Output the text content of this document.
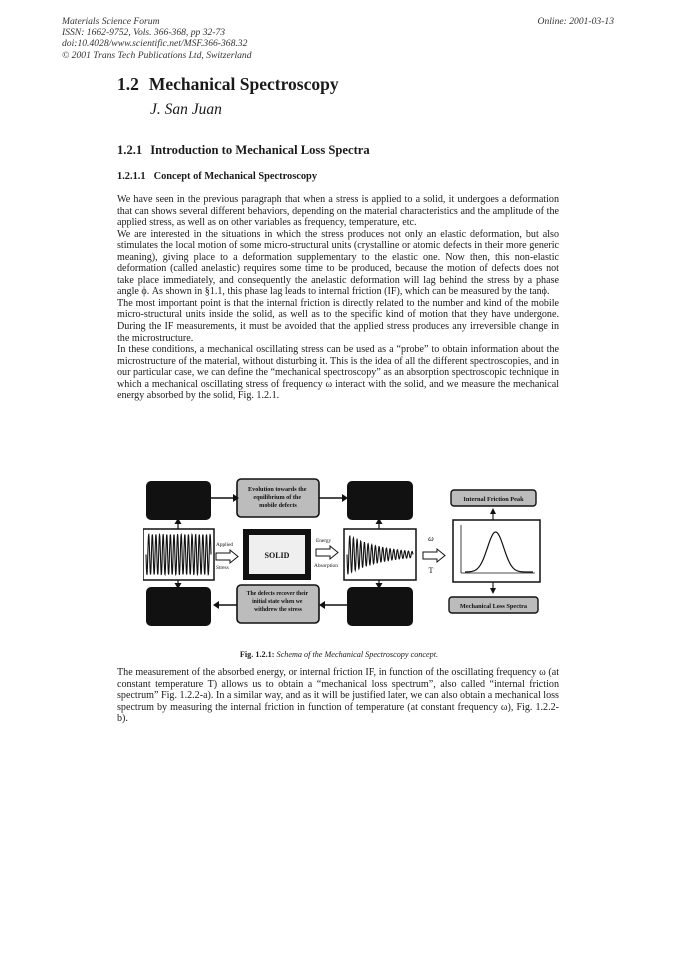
Materials Science Forum
ISSN: 1662-9752, Vols. 366-368, pp 32-73
doi:10.4028/www.scientific.net/MSF.366-368.32
© 2001 Trans Tech Publications Ltd, Switzerland
Online: 2001-03-13
1.2 Mechanical Spectroscopy
J. San Juan
1.2.1 Introduction to Mechanical Loss Spectra
1.2.1.1 Concept of Mechanical Spectroscopy

We have seen in the previous paragraph that when a stress is applied to a solid, it undergoes a deformation that can shows several different behaviors, depending on the material characteristics and the amplitude of the applied stress, as well as on other variables as frequency, temperature, etc.

We are interested in the situations in which the stress produces not only an elastic deformation, but also stimulates the local motion of some micro-structural units (crystalline or atomic defects in their more generic meaning), giving place to a deformation supplementary to the elastic one. Now then, this non-elastic deformation (called anelastic) requires some time to be produced, because the motion of defects does not take place immediately, and consequently the anelastic deformation will lag behind the stress by a phase angle ϕ. As shown in §1.1, this phase lag leads to internal friction (IF), which can be measured by the tanϕ.

The most important point is that the internal friction is directly related to the number and kind of the mobile micro-structural units inside the solid, as well as to the specific kind of motion that they have undergone. During the IF measurements, it must be avoided that the applied stress produces any irreversible change in the microstructure.

In these conditions, a mechanical oscillating stress can be used as a “probe” to obtain information about the microstructure of the material, without disturbing it. This is the idea of all the different spectroscopies, and in our particular case, we can define the “mechanical spectroscopy” as an absorption spectroscopic technique in which a mechanical oscillating stress of frequency ω interact with the solid, and we measure the mechanical energy absorbed by the solid, Fig. 1.2.1.

Evolution towards the equilibrium of the mobile defects
The defects recover their initial state when we withdrew the stress
Applied
Stress
SOLID
Energy
Absorption
ω
T
Internal Friction Peak
Mechanical Loss Spectra
Fig. 1.2.1: Schema of the Mechanical Spectroscopy concept.

The measurement of the absorbed energy, or internal friction IF, in function of the oscillating frequency ω (at constant temperature T) allows us to obtain a “mechanical loss spectrum”, also called “internal friction spectrum” Fig. 1.2.2-a). In a similar way, and as it will be justified later, we can also obtain a mechanical loss spectrum by measuring the internal friction in function of temperature (at constant frequency ω), Fig. 1.2.2-b).
